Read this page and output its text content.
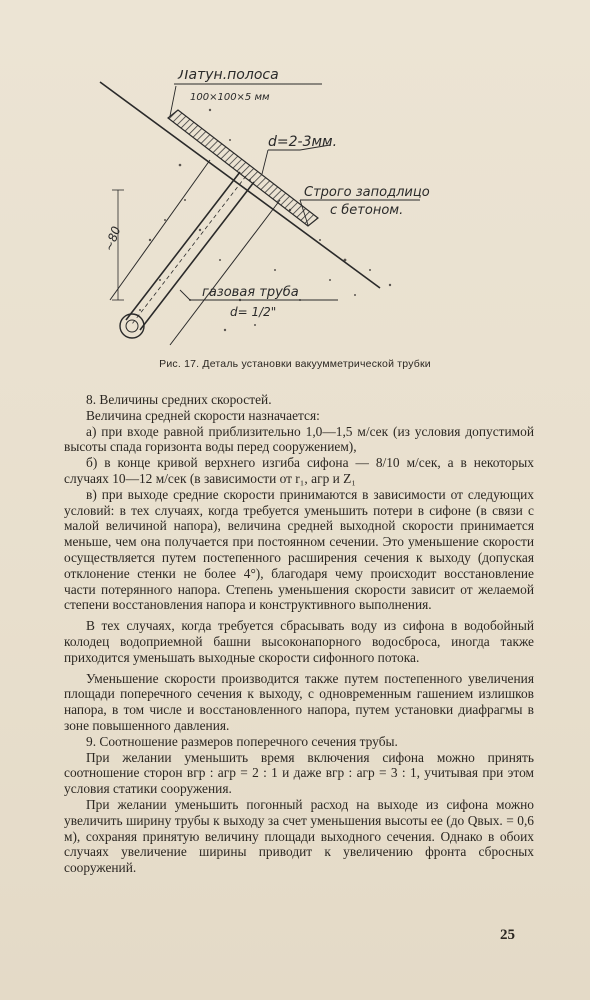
~80
Латун.полоса
100×100×5 мм
d=2-3мм.
Строго заподлицо
с бетоном.
газовая труба
d= 1/2"
Рис. 17. Деталь установки вакуумметрической трубки

8. Величины средних скоростей.

Величина средней скорости назначается:

а) при входе равной приблизительно 1,0—1,5 м/сек (из условия допустимой высоты спада горизонта воды перед сооружением),

б) в конце кривой верхнего изгиба сифона — 8/10 м/сек, а в некоторых случаях 10—12 м/сек (в зависимости от r₁, aгр и Z₁

в) при выходе средние скорости принимаются в зависимости от следующих условий: в тех случаях, когда требуется уменьшить потери в сифоне (в связи с малой величиной напора), величина средней выходной скорости принимается меньше, чем она получается при постоянном сечении. Это уменьшение скорости осуществляется путем постепенного расширения сечения к выходу (допуская отклонение стенки не более 4°), благодаря чему происходит восстановление части потерянного напора. Степень уменьшения скорости зависит от желаемой степени восстановления напора и конструктивного выполнения.

В тех случаях, когда требуется сбрасывать воду из сифона в водобойный колодец водоприемной башни высоконапорного водосброса, иногда также приходится уменьшать выходные скорости сифонного потока.

Уменьшение скорости производится также путем постепенного увеличения площади поперечного сечения к выходу, с одновременным гашением излишков напора, в том числе и восстановленного напора, путем установки диафрагмы в зоне повышенного давления.

9. Соотношение размеров поперечного сечения трубы.

При желании уменьшить время включения сифона можно принять соотношение сторон вгр : aгр = 2 : 1 и даже вгр : aгр = 3 : 1, учитывая при этом условия статики сооружения.

При желании уменьшить погонный расход на выходе из сифона можно увеличить ширину трубы к выходу за счет уменьшения высоты ее (до Qвых. = 0,6 м), сохраняя принятую величину площади выходного сечения. Однако в обоих случаях увеличение ширины приводит к увеличению фронта сбросных сооружений.

25
